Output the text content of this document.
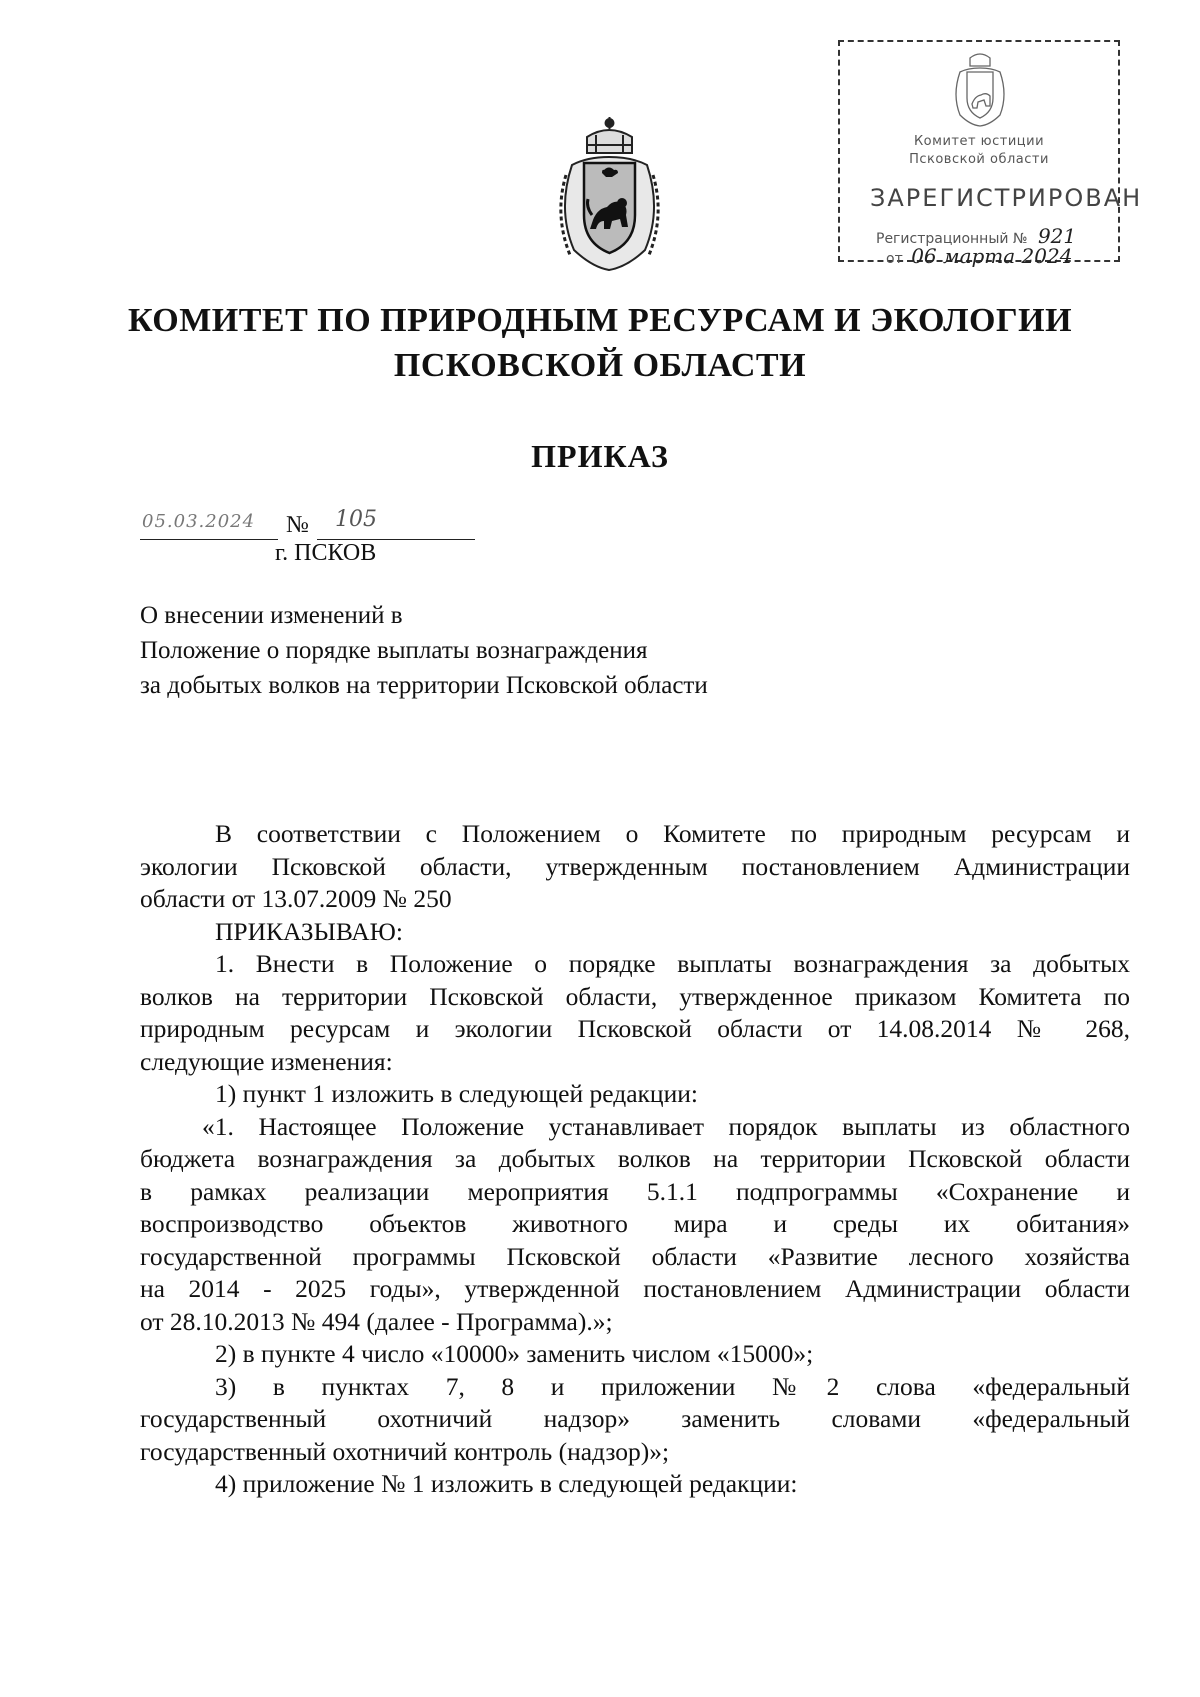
Комитет юстиции
Псковской области
ЗАРЕГИСТРИРОВАН
Регистрационный № 921
от 06 марта 2024
КОМИТЕТ ПО ПРИРОДНЫМ РЕСУРСАМ И ЭКОЛОГИИ
ПСКОВСКОЙ ОБЛАСТИ
ПРИКАЗ
05.03.2024 № 105
г. ПСКОВ
О внесении изменений в
Положение о порядке выплаты вознаграждения
за добытых волков на территории Псковской области
В соответствии с Положением о Комитете по природным ресурсам и
экологии Псковской области, утвержденным постановлением Администрации
области от 13.07.2009 № 250
ПРИКАЗЫВАЮ:
1. Внести в Положение о порядке выплаты вознаграждения за добытых
волков на территории Псковской области, утвержденное приказом Комитета по
природным ресурсам и экологии Псковской области от 14.08.2014 № 268,
следующие изменения:
1) пункт 1 изложить в следующей редакции:
«1. Настоящее Положение устанавливает порядок выплаты из областного
бюджета вознаграждения за добытых волков на территории Псковской области
в рамках реализации мероприятия 5.1.1 подпрограммы «Сохранение и
воспроизводство объектов животного мира и среды их обитания»
государственной программы Псковской области «Развитие лесного хозяйства
на 2014 - 2025 годы», утвержденной постановлением Администрации области
от 28.10.2013 № 494 (далее - Программа).»;
2) в пункте 4 число «10000» заменить числом «15000»;
3) в пунктах 7, 8 и приложении №2 слова «федеральный
государственный охотничий надзор» заменить словами «федеральный
государственный охотничий контроль (надзор)»;
4) приложение № 1 изложить в следующей редакции:
